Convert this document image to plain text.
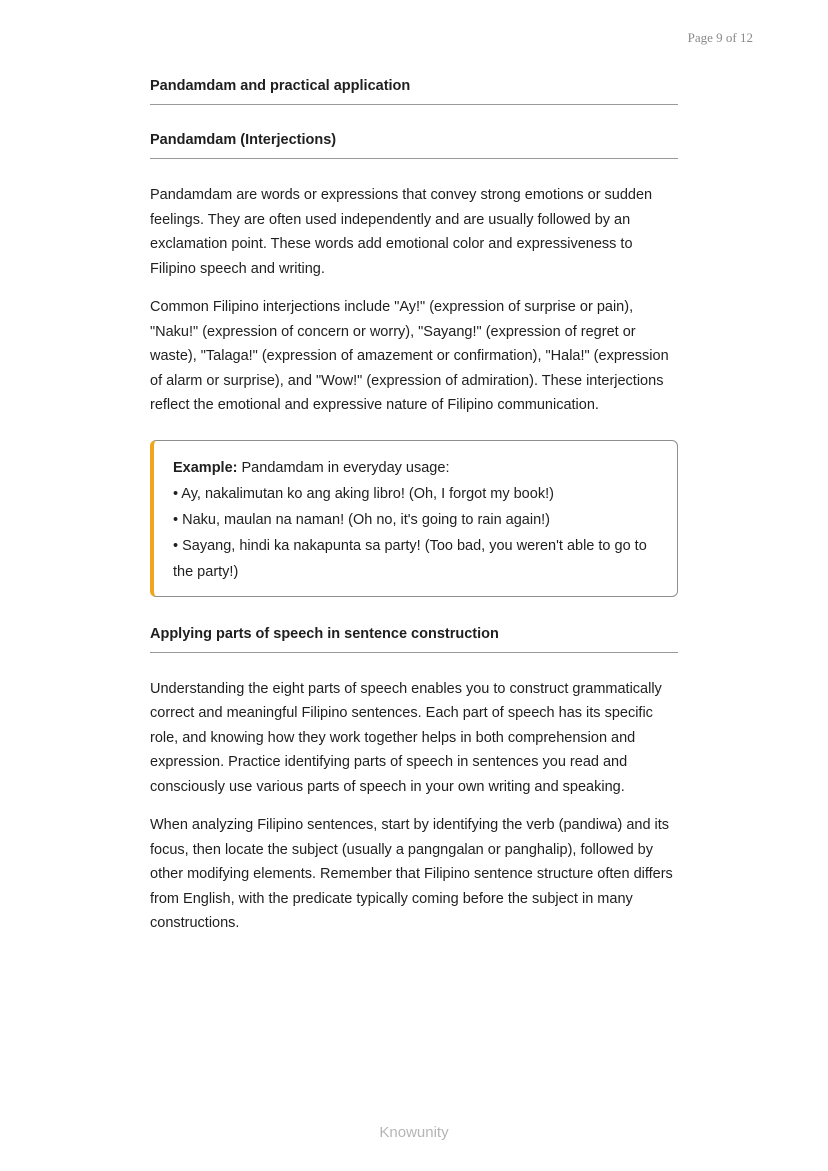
Page 9 of 12
Pandamdam and practical application
Pandamdam (Interjections)

Pandamdam are words or expressions that convey strong emotions or sudden feelings. They are often used independently and are usually followed by an exclamation point. These words add emotional color and expressiveness to Filipino speech and writing.

Common Filipino interjections include "Ay!" (expression of surprise or pain), "Naku!" (expression of concern or worry), "Sayang!" (expression of regret or waste), "Talaga!" (expression of amazement or confirmation), "Hala!" (expression of alarm or surprise), and "Wow!" (expression of admiration). These interjections reflect the emotional and expressive nature of Filipino communication.

Example: Pandamdam in everyday usage:
• Ay, nakalimutan ko ang aking libro! (Oh, I forgot my book!)
• Naku, maulan na naman! (Oh no, it's going to rain again!)
• Sayang, hindi ka nakapunta sa party! (Too bad, you weren't able to go to the party!)
Applying parts of speech in sentence construction

Understanding the eight parts of speech enables you to construct grammatically correct and meaningful Filipino sentences. Each part of speech has its specific role, and knowing how they work together helps in both comprehension and expression. Practice identifying parts of speech in sentences you read and consciously use various parts of speech in your own writing and speaking.

When analyzing Filipino sentences, start by identifying the verb (pandiwa) and its focus, then locate the subject (usually a pangngalan or panghalip), followed by other modifying elements. Remember that Filipino sentence structure often differs from English, with the predicate typically coming before the subject in many constructions.

Knowunity
